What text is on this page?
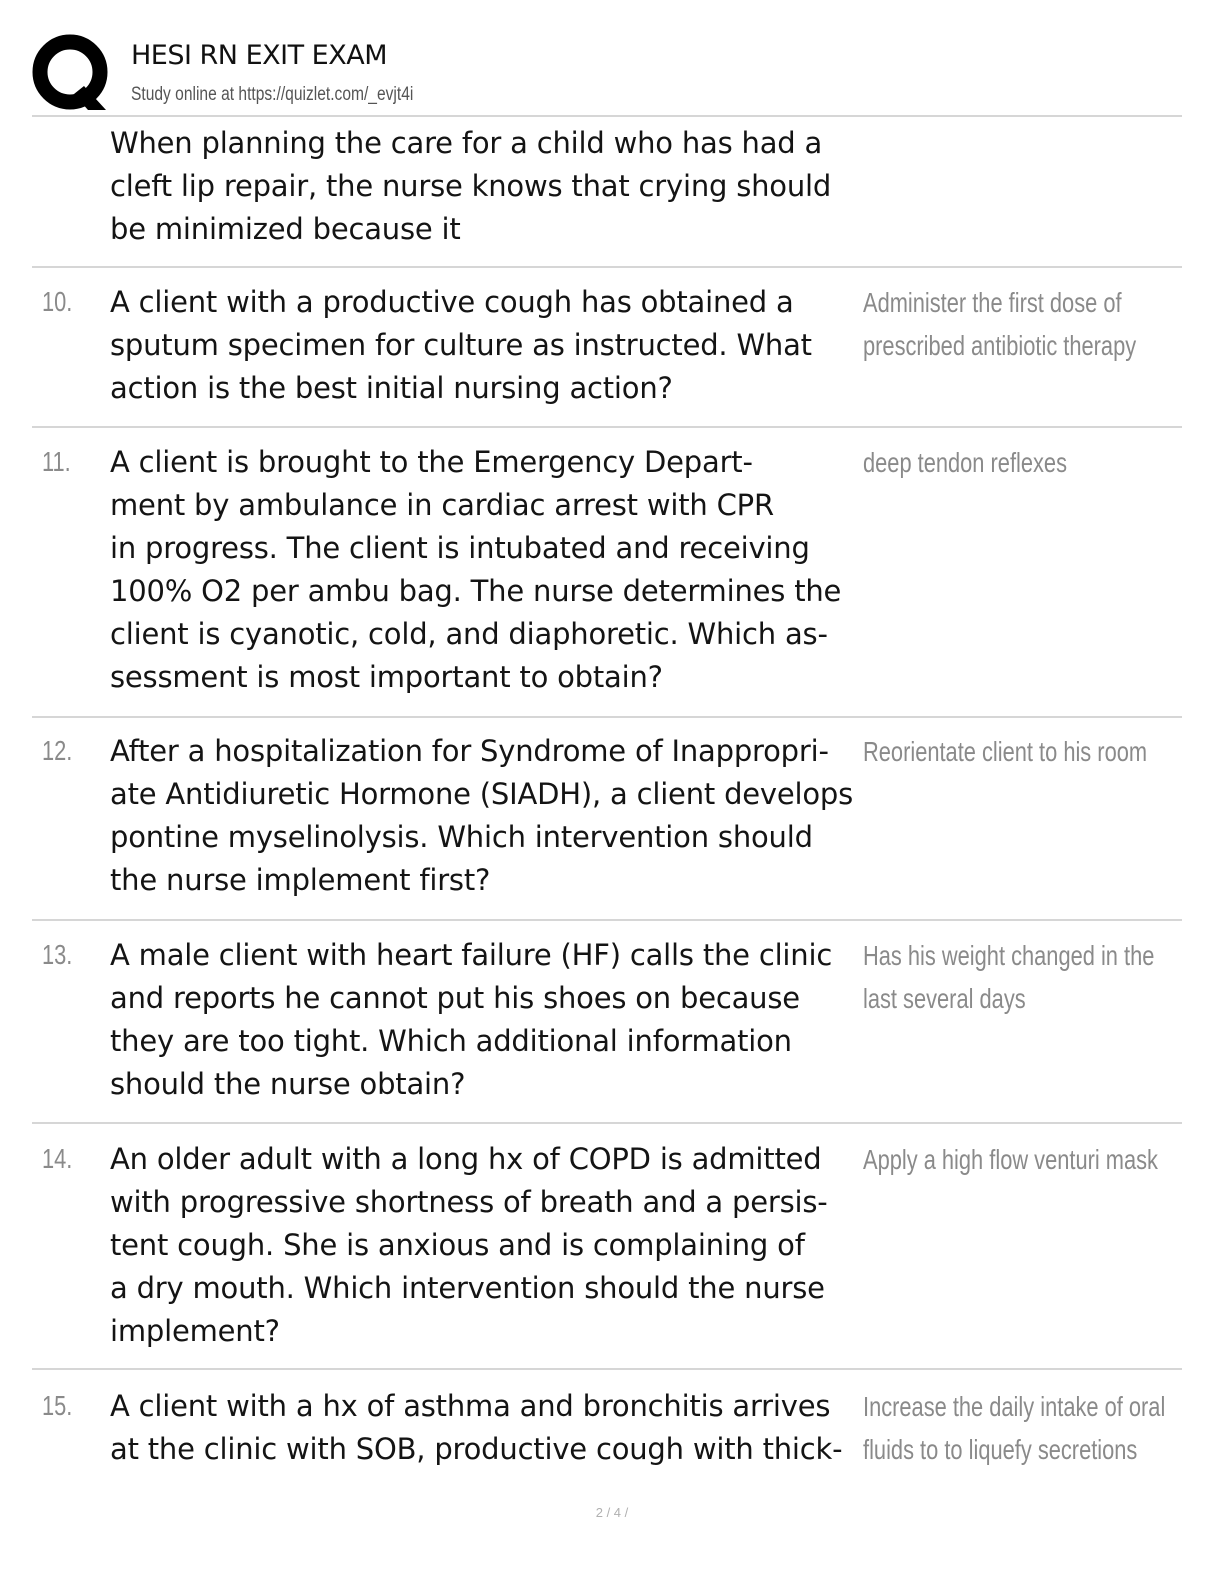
HESI RN EXIT EXAM
Study online at https://quizlet.com/_evjt4i
When planning the care for a child who has had a
cleft lip repair, the nurse knows that crying should
be minimized because it
10. A client with a productive cough has obtained a
sputum specimen for culture as instructed. What
action is the best initial nursing action?
Administer the first dose of
prescribed antibiotic therapy
11. A client is brought to the Emergency Depart-
ment by ambulance in cardiac arrest with CPR
in progress. The client is intubated and receiving
100% O2 per ambu bag. The nurse determines the
client is cyanotic, cold, and diaphoretic. Which as-
sessment is most important to obtain?
deep tendon reflexes
12. After a hospitalization for Syndrome of Inappropri-
ate Antidiuretic Hormone (SIADH), a client develops
pontine myselinolysis. Which intervention should
the nurse implement first?
Reorientate client to his room
13. A male client with heart failure (HF) calls the clinic
and reports he cannot put his shoes on because
they are too tight. Which additional information
should the nurse obtain?
Has his weight changed in the
last several days
14. An older adult with a long hx of COPD is admitted
with progressive shortness of breath and a persis-
tent cough. She is anxious and is complaining of
a dry mouth. Which intervention should the nurse
implement?
Apply a high flow venturi mask
15. A client with a hx of asthma and bronchitis arrives
at the clinic with SOB, productive cough with thick-
Increase the daily intake of oral
fluids to to liquefy secretions
2 / 4 /
